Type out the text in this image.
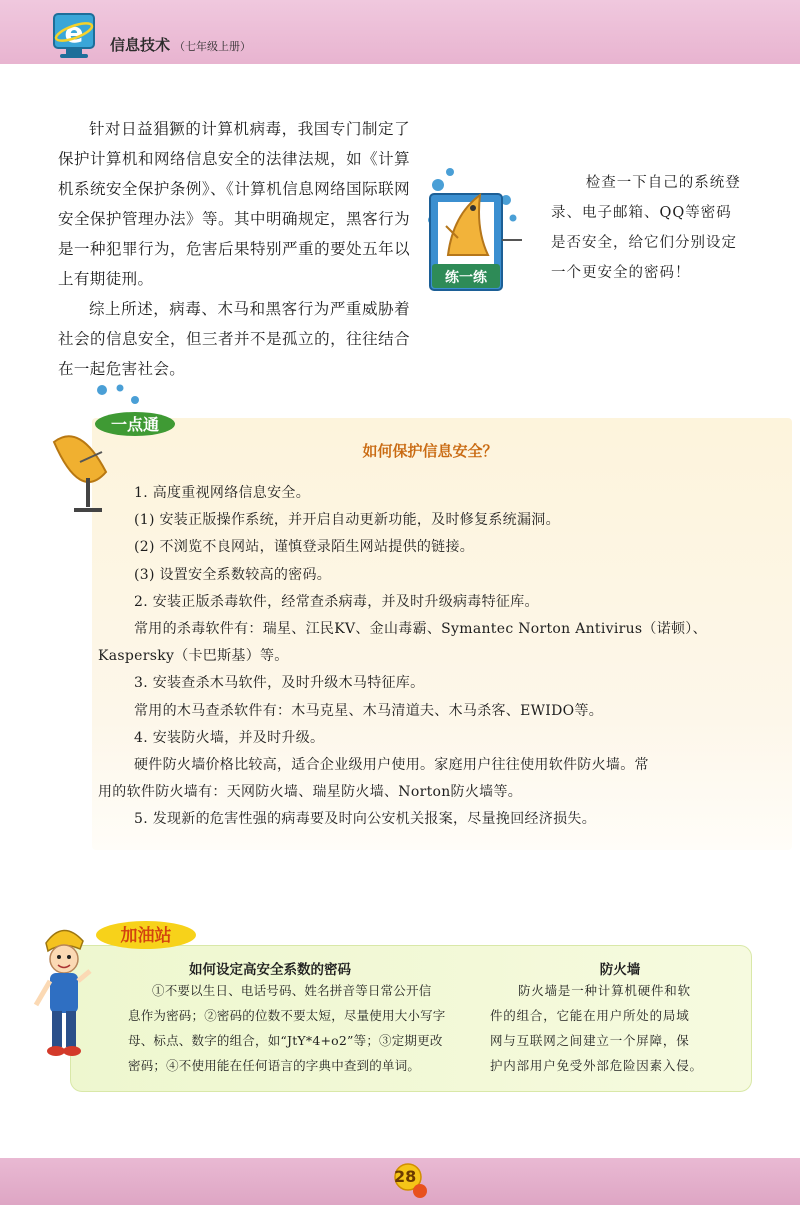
e 信息技术 （七年级上册）

针对日益猖獗的计算机病毒，我国专门制定了保护计算机和网络信息安全的法律法规，如《计算机系统安全保护条例》、《计算机信息网络国际联网安全保护管理办法》等。其中明确规定，黑客行为是一种犯罪行为，危害后果特别严重的要处五年以上有期徒刑。

综上所述，病毒、木马和黑客行为严重威胁着社会的信息安全，但三者并不是孤立的，往往结合在一起危害社会。

练一练

检查一下自己的系统登录、电子邮箱、QQ等密码是否安全，给它们分别设定一个更安全的密码！

一点通
如何保护信息安全？
1. 高度重视网络信息安全。
(1) 安装正版操作系统，并开启自动更新功能，及时修复系统漏洞。
(2) 不浏览不良网站，谨慎登录陌生网站提供的链接。
(3) 设置安全系数较高的密码。
2. 安装正版杀毒软件，经常查杀病毒，并及时升级病毒特征库。
常用的杀毒软件有：瑞星、江民KV、金山毒霸、Symantec Norton Antivirus（诺顿）、
Kaspersky（卡巴斯基）等。
3. 安装查杀木马软件，及时升级木马特征库。
常用的木马查杀软件有：木马克星、木马清道夫、木马杀客、EWIDO等。
4. 安装防火墙，并及时升级。
硬件防火墙价格比较高，适合企业级用户使用。家庭用户往往使用软件防火墙。常
用的软件防火墙有：天网防火墙、瑞星防火墙、Norton防火墙等。
5. 发现新的危害性强的病毒要及时向公安机关报案，尽量挽回经济损失。
加油站
如何设定高安全系数的密码
①不要以生日、电话号码、姓名拼音等日常公开信
息作为密码；②密码的位数不要太短，尽量使用大小写字
母、标点、数字的组合，如“JtY*4+o2”等；③定期更改
密码；④不使用能在任何语言的字典中查到的单词。
防火墙
防火墙是一种计算机硬件和软
件的组合，它能在用户所处的局域
网与互联网之间建立一个屏障，保
护内部用户免受外部危险因素入侵。
28
